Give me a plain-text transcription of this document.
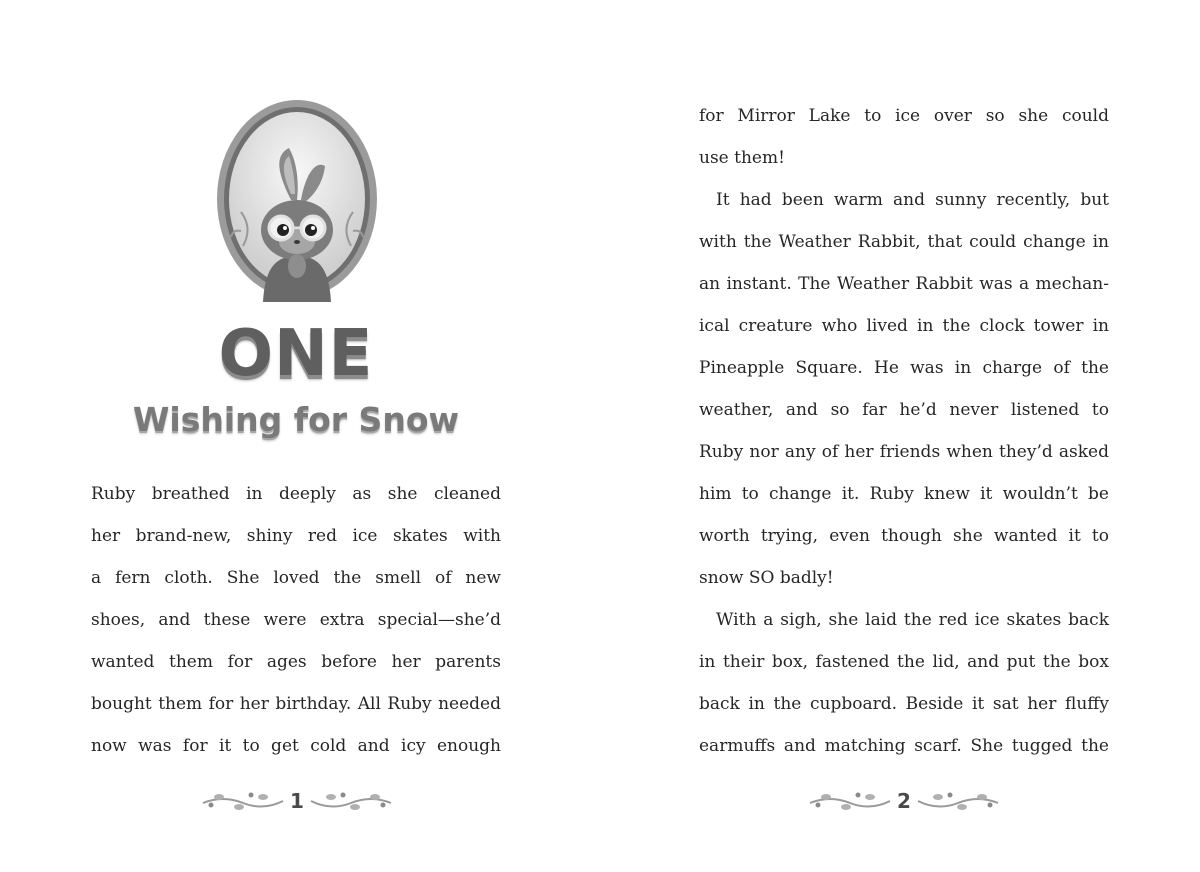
ONE
Wishing for Snow

Ruby breathed in deeply as she cleaned

her brand-new, shiny red ice skates with

a fern cloth. She loved the smell of new

shoes, and these were extra special—she’d

wanted them for ages before her parents

bought them for her birthday. All Ruby needed

now was for it to get cold and icy enough

1

for Mirror Lake to ice over so she could

use them!

 It had been warm and sunny recently, but

with the Weather Rabbit, that could change in

an instant. The Weather Rabbit was a mechan-

ical creature who lived in the clock tower in

Pineapple Square. He was in charge of the

weather, and so far he’d never listened to

Ruby nor any of her friends when they’d asked

him to change it. Ruby knew it wouldn’t be

worth trying, even though she wanted it to

snow SO badly!

 With a sigh, she laid the red ice skates back

in their box, fastened the lid, and put the box

back in the cupboard. Beside it sat her fluffy

earmuffs and matching scarf. She tugged the

2
